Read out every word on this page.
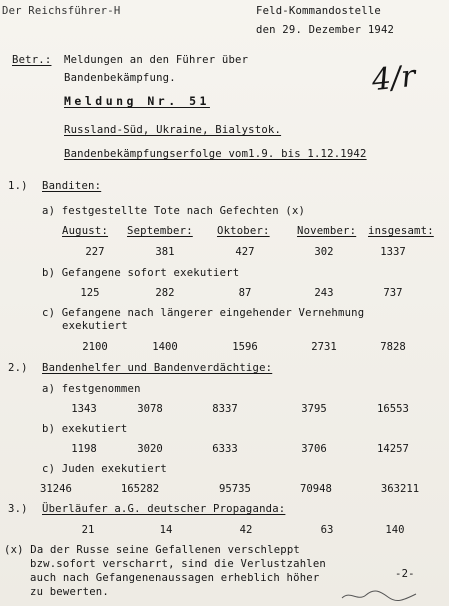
Der Reichsführer-H	Feld-Kommandostelle
den 29. Dezember 1942
Betr.: Meldungen an den Führer über
Bandenbekämpfung.	4/r
Meldung Nr. 51
Russland-Süd, Ukraine, Bialystok.
Bandenbekämpfungserfolge vom1.9. bis 1.12.1942
1.) Banditen:
a) festgestellte Tote nach Gefechten (x)
August: September: Oktober:	November: insgesamt:
227	381	427	302	1337
b) Gefangene sofort exekutiert
125	282	87	243	737
c) Gefangene nach längerer eingehender Vernehmung
exekutiert
2100	1400	1596	2731	7828
2.) Bandenhelfer und Bandenverdächtige:
a) festgenommen
1343	3078	8337	3795	16553
b) exekutiert
1198	3020	6333	3706	14257
c) Juden exekutiert
31246	165282	95735	70948	363211
3.) Überläufer a.G. deutscher Propaganda:
21	14	42	63	140
(x) Da der Russe seine Gefallenen verschleppt
bzw.sofort verscharrt, sind die Verlustzahlen
auch nach Gefangenenaussagen erheblich höher
zu bewerten.
-2-
